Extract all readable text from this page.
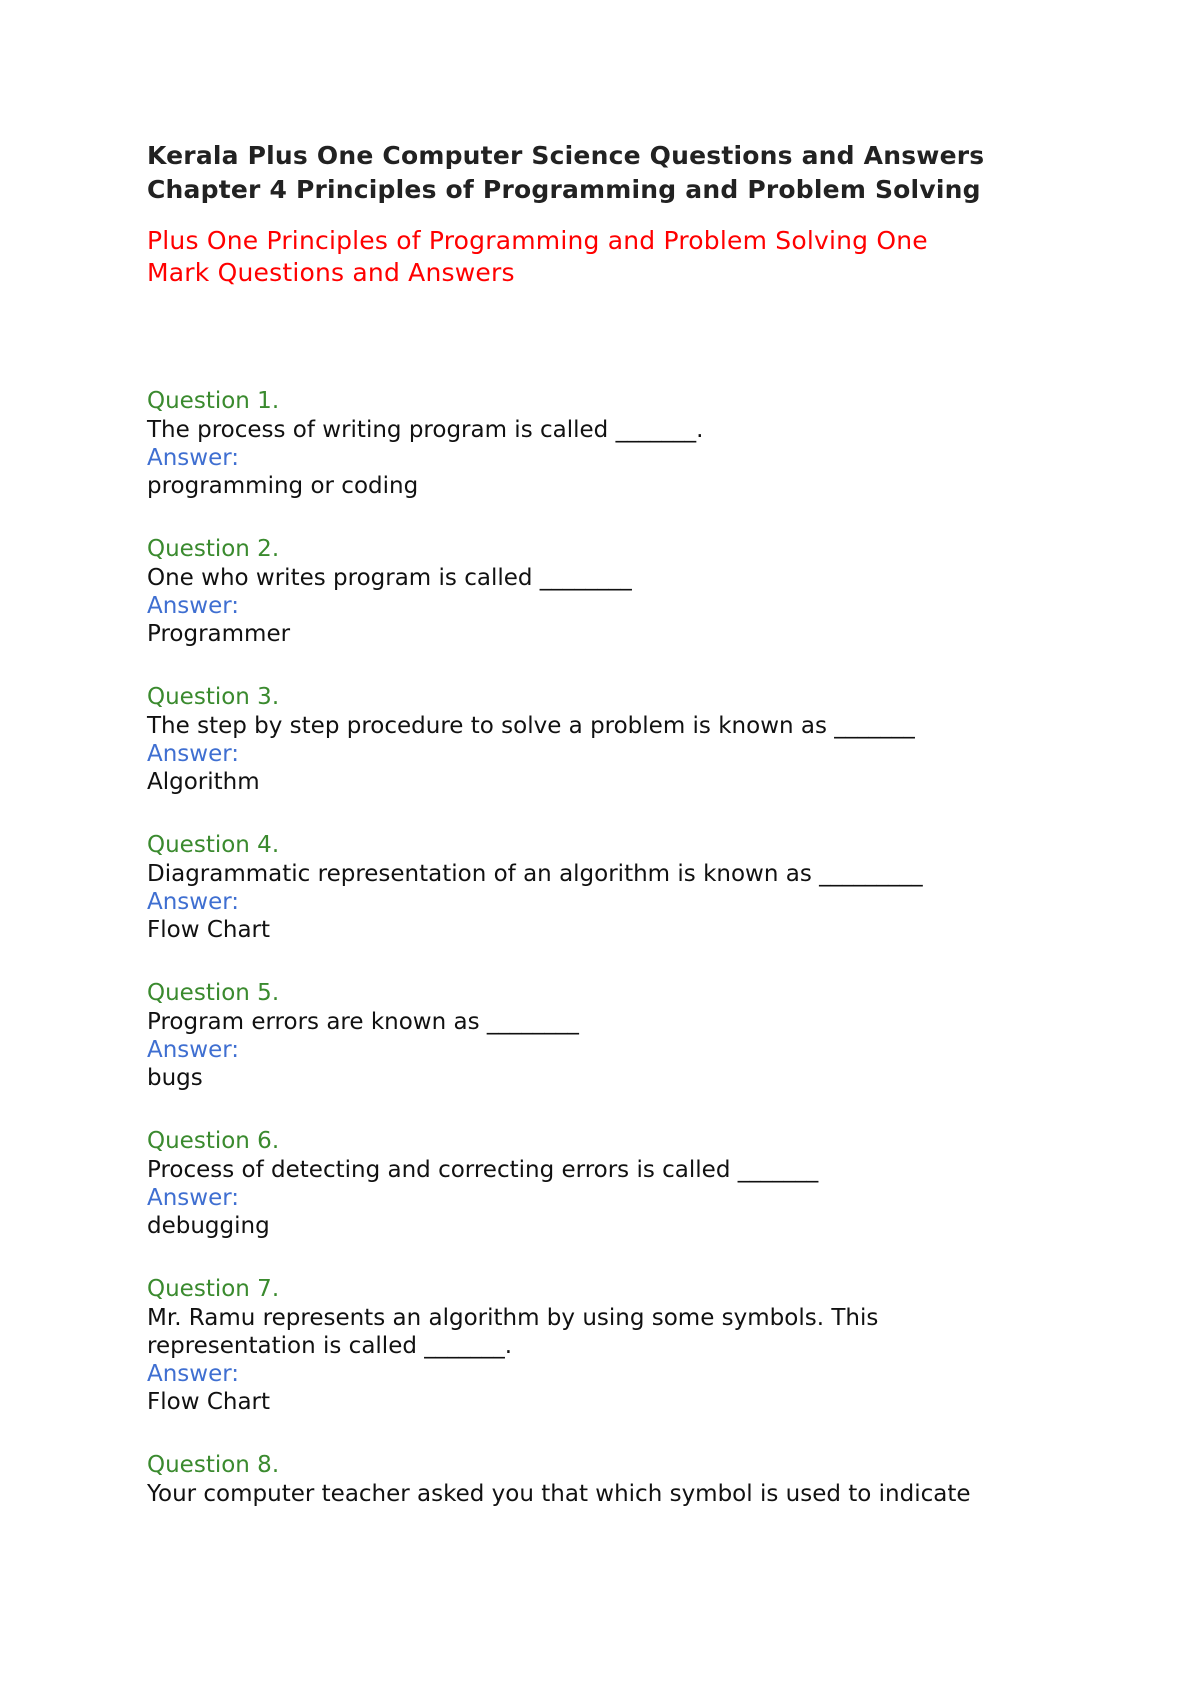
Kerala Plus One Computer Science Questions and Answers
Chapter 4 Principles of Programming and Problem Solving
Plus One Principles of Programming and Problem Solving One
Mark Questions and Answers
Question 1.
The process of writing program is called _______.
Answer:
programming or coding
Question 2.
One who writes program is called ________
Answer:
Programmer
Question 3.
The step by step procedure to solve a problem is known as _______
Answer:
Algorithm
Question 4.
Diagrammatic representation of an algorithm is known as _________
Answer:
Flow Chart
Question 5.
Program errors are known as ________
Answer:
bugs
Question 6.
Process of detecting and correcting errors is called _______
Answer:
debugging
Question 7.
Mr. Ramu represents an algorithm by using some symbols. This
representation is called _______.
Answer:
Flow Chart
Question 8.
Your computer teacher asked you that which symbol is used to indicate
